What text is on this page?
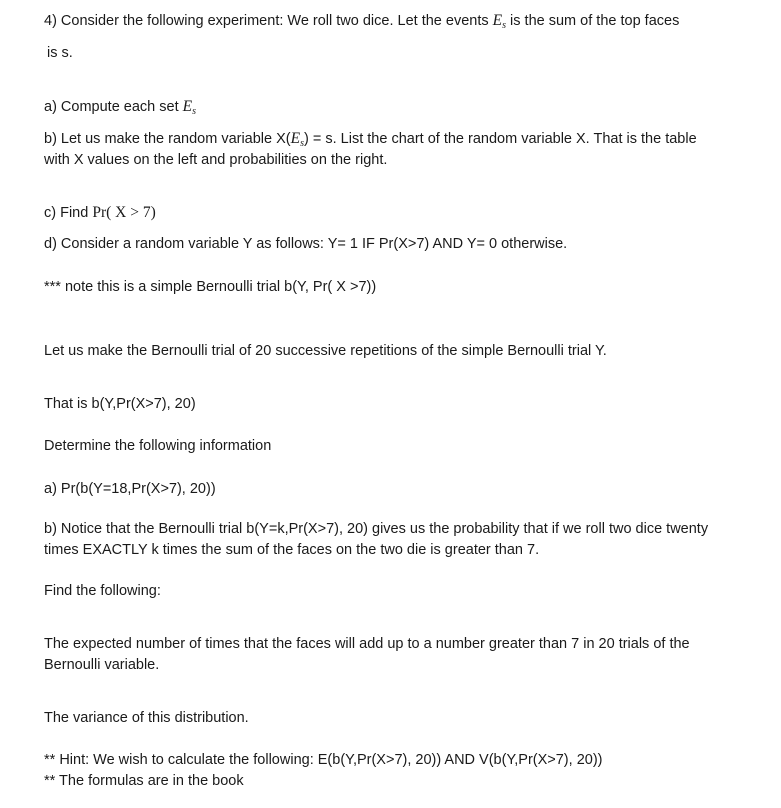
4) Consider the following experiment: We roll two dice. Let the events $E_s$ is the sum of the top faces
is s.
a) Compute each set $E_s$
b) Let us make the random variable $X(E_s) = s$. List the chart of the random variable X. That is the table
with X values on the left and probabilities on the right.
c) Find Pr( X > 7)
d) Consider a random variable Y as follows: Y= 1 IF Pr(X>7) AND Y= 0 otherwise.
*** note this is a simple Bernoulli trial b(Y, Pr( X >7))
Let us make the Bernoulli trial of 20 successive repetitions of the simple Bernoulli trial Y.
That is b(Y,Pr(X>7), 20)
Determine the following information
a) Pr(b(Y=18,Pr(X>7), 20))
b) Notice that the Bernoulli trial b(Y=k,Pr(X>7), 20) gives us the probability that if we roll two dice twenty
times EXACTLY k times the sum of the faces on the two die is greater than 7.
Find the following:
The expected number of times that the faces will add up to a number greater than 7 in 20 trials of the
Bernoulli variable.
The variance of this distribution.
** Hint: We wish to calculate the following: E(b(Y,Pr(X>7), 20)) AND V(b(Y,Pr(X>7), 20))
** The formulas are in the book
